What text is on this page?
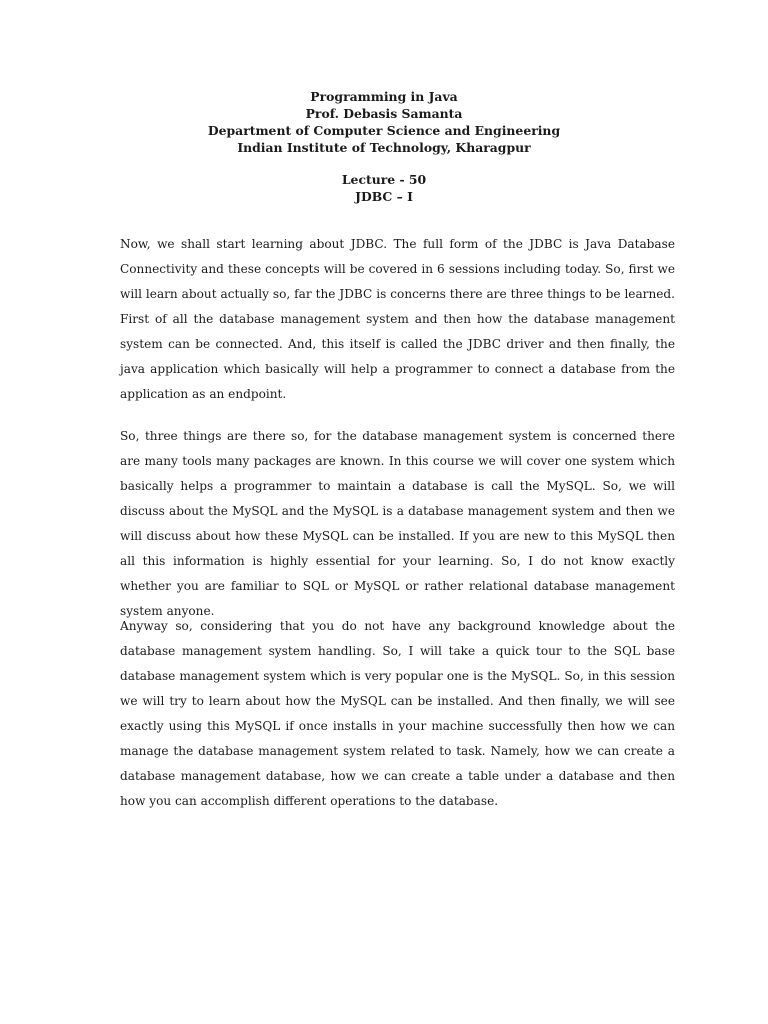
Programming in Java
Prof. Debasis Samanta
Department of Computer Science and Engineering
Indian Institute of Technology, Kharagpur
Lecture - 50
JDBC – I

Now, we shall start learning about JDBC. The full form of the JDBC is Java Database Connectivity and these concepts will be covered in 6 sessions including today. So, first we will learn about actually so, far the JDBC is concerns there are three things to be learned. First of all the database management system and then how the database management system can be connected. And, this itself is called the JDBC driver and then finally, the java application which basically will help a programmer to connect a database from the application as an endpoint.

So, three things are there so, for the database management system is concerned there are many tools many packages are known. In this course we will cover one system which basically helps a programmer to maintain a database is call the MySQL. So, we will discuss about the MySQL and the MySQL is a database management system and then we will discuss about how these MySQL can be installed. If you are new to this MySQL then all this information is highly essential for your learning. So, I do not know exactly whether you are familiar to SQL or MySQL or rather relational database management system anyone.

Anyway so, considering that you do not have any background knowledge about the database management system handling. So, I will take a quick tour to the SQL base database management system which is very popular one is the MySQL. So, in this session we will try to learn about how the MySQL can be installed. And then finally, we will see exactly using this MySQL if once installs in your machine successfully then how we can manage the database management system related to task. Namely, how we can create a database management database, how we can create a table under a database and then how you can accomplish different operations to the database.
